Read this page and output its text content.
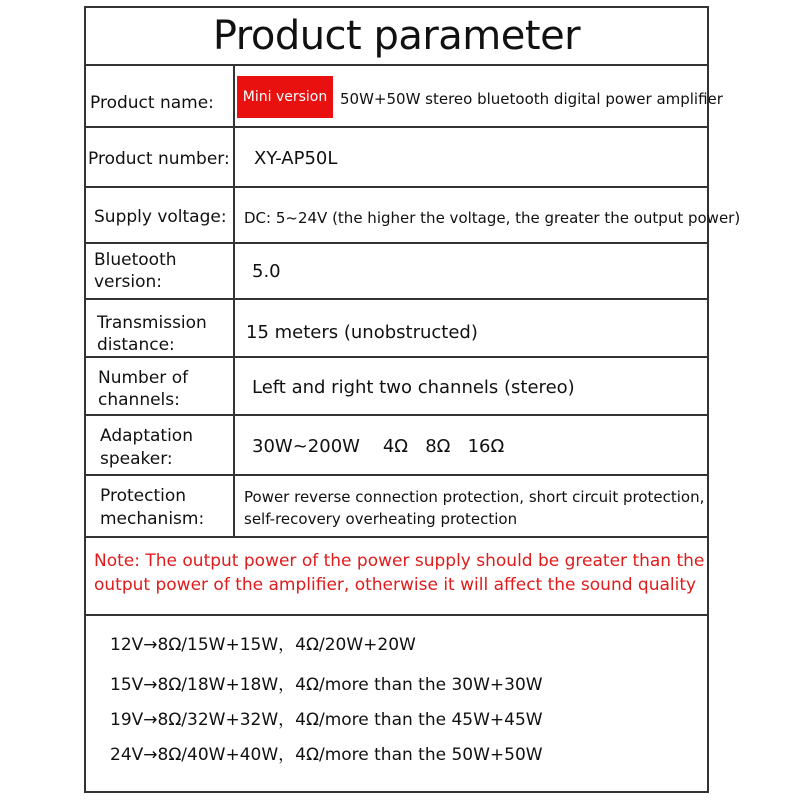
Product parameter
Product name:	Mini version 50W+50W stereo bluetooth digital power amplifier
Product number: XY-AP50L
Supply voltage: DC: 5~24V (the higher the voltage, the greater the output power)
Bluetooth
version:	5.0
Transmission
distance:
15 meters (unobstructed)
Number of
channels:
Left and right two channels (stereo)
Adaptation
speaker:
30W~200W    4Ω   8Ω   16Ω
Protection
mechanism:
Power reverse connection protection, short circuit protection,
self-recovery overheating protection
Note: The output power of the power supply should be greater than the
output power of the amplifier, otherwise it will affect the sound quality
12V→8Ω/15W+15W，4Ω/20W+20W
15V→8Ω/18W+18W，4Ω/more than the 30W+30W
19V→8Ω/32W+32W，4Ω/more than the 45W+45W
24V→8Ω/40W+40W，4Ω/more than the 50W+50W
